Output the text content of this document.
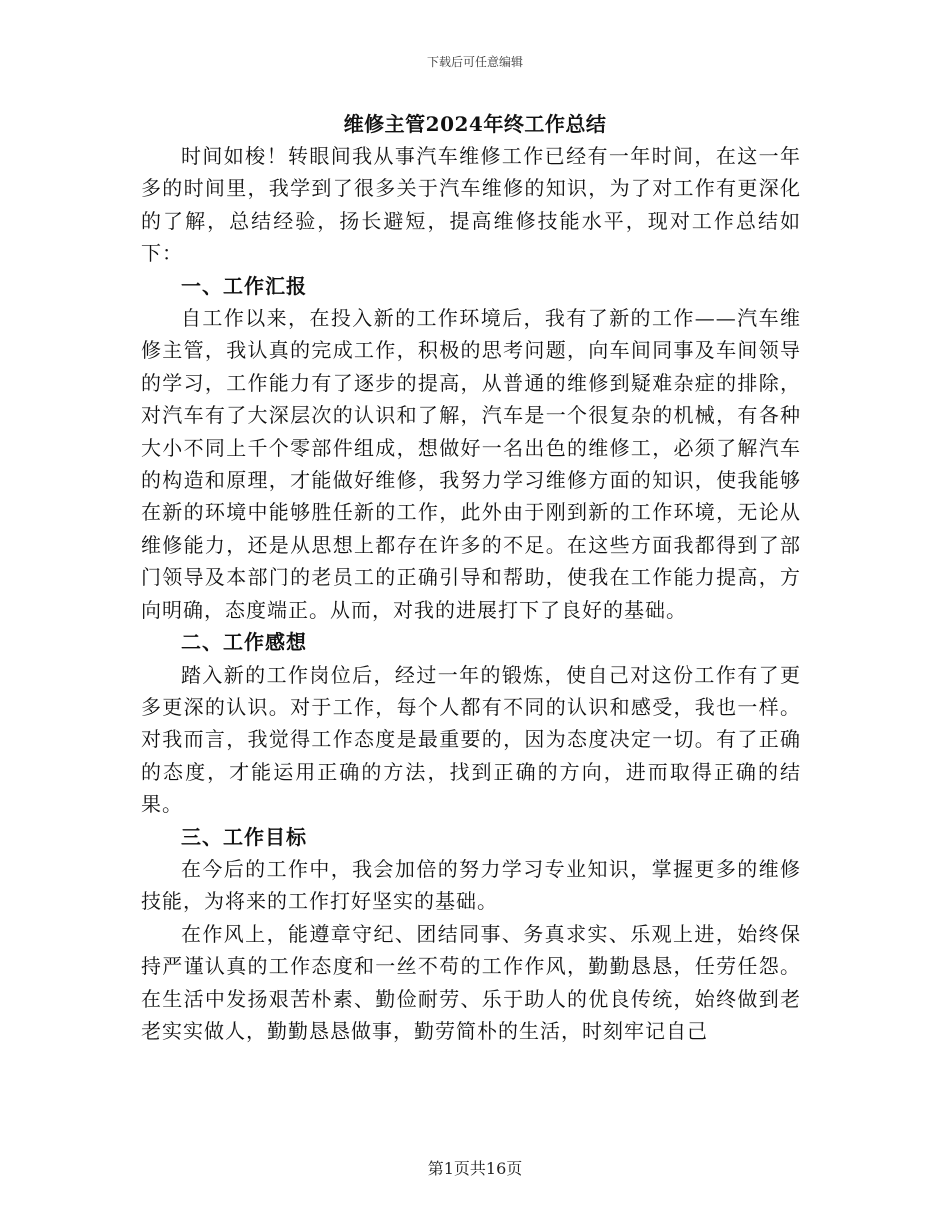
下载后可任意编辑
维修主管2024年终工作总结

时间如梭！转眼间我从事汽车维修工作已经有一年时间，在这一年多的时间里，我学到了很多关于汽车维修的知识，为了对工作有更深化的了解，总结经验，扬长避短，提高维修技能水平，现对工作总结如下：

一、工作汇报

自工作以来，在投入新的工作环境后，我有了新的工作——汽车维修主管，我认真的完成工作，积极的思考问题，向车间同事及车间领导的学习，工作能力有了逐步的提高，从普通的维修到疑难杂症的排除，对汽车有了大深层次的认识和了解，汽车是一个很复杂的机械，有各种大小不同上千个零部件组成，想做好一名出色的维修工，必须了解汽车的构造和原理，才能做好维修，我努力学习维修方面的知识，使我能够在新的环境中能够胜任新的工作，此外由于刚到新的工作环境，无论从维修能力，还是从思想上都存在许多的不足。在这些方面我都得到了部门领导及本部门的老员工的正确引导和帮助，使我在工作能力提高，方向明确，态度端正。从而，对我的进展打下了良好的基础。

二、工作感想

踏入新的工作岗位后，经过一年的锻炼，使自己对这份工作有了更多更深的认识。对于工作，每个人都有不同的认识和感受，我也一样。对我而言，我觉得工作态度是最重要的，因为态度决定一切。有了正确的态度，才能运用正确的方法，找到正确的方向，进而取得正确的结果。

三、工作目标

在今后的工作中，我会加倍的努力学习专业知识，掌握更多的维修技能，为将来的工作打好坚实的基础。

在作风上，能遵章守纪、团结同事、务真求实、乐观上进，始终保持严谨认真的工作态度和一丝不苟的工作作风，勤勤恳恳，任劳任怨。在生活中发扬艰苦朴素、勤俭耐劳、乐于助人的优良传统，始终做到老老实实做人，勤勤恳恳做事，勤劳简朴的生活，时刻牢记自己

第1页共16页
